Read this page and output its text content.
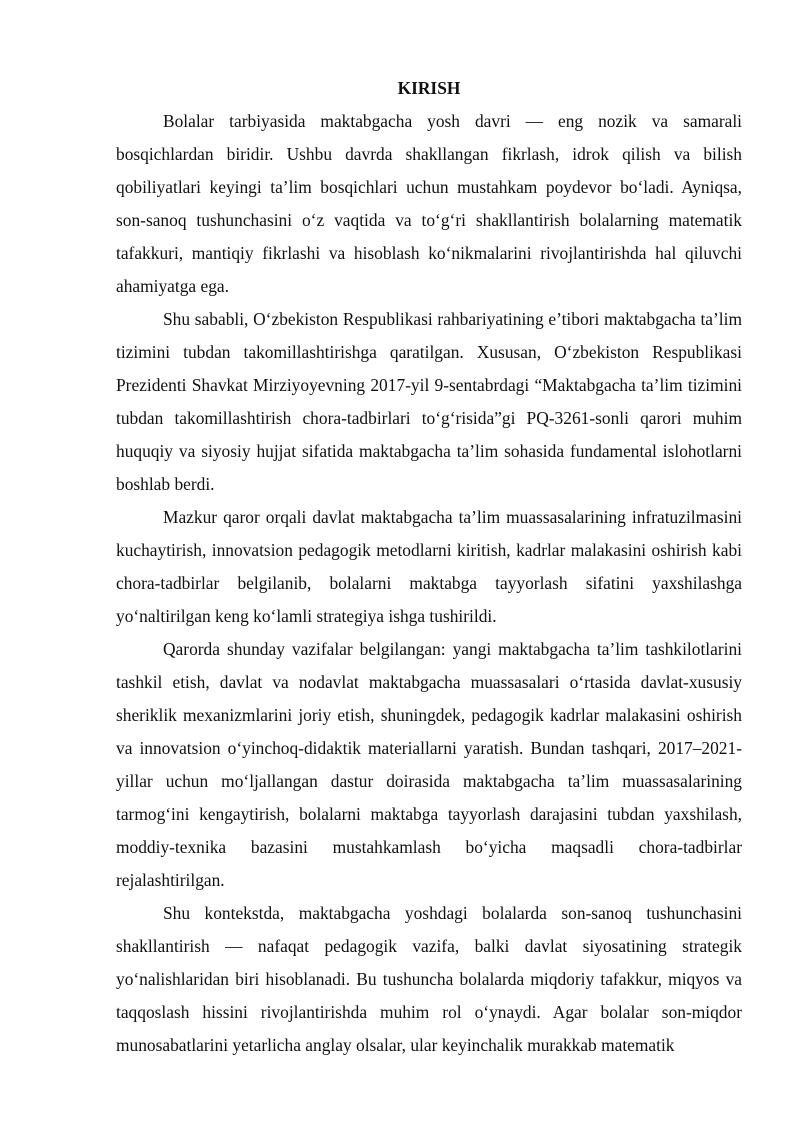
KIRISH

Bolalar tarbiyasida maktabgacha yosh davri — eng nozik va samarali bosqichlardan biridir. Ushbu davrda shakllangan fikrlash, idrok qilish va bilish qobiliyatlari keyingi ta’lim bosqichlari uchun mustahkam poydevor bo‘ladi. Ayniqsa, son-sanoq tushunchasini o‘z vaqtida va to‘g‘ri shakllantirish bolalarning matematik tafakkuri, mantiqiy fikrlashi va hisoblash ko‘nikmalarini rivojlantirishda hal qiluvchi ahamiyatga ega.

Shu sababli, O‘zbekiston Respublikasi rahbariyatining e’tibori maktabgacha ta’lim tizimini tubdan takomillashtirishga qaratilgan. Xususan, O‘zbekiston Respublikasi Prezidenti Shavkat Mirziyoyevning 2017-yil 9-sentabrdagi “Maktabgacha ta’lim tizimini tubdan takomillashtirish chora-tadbirlari to‘g‘risida”gi PQ-3261-sonli qarori muhim huquqiy va siyosiy hujjat sifatida maktabgacha ta’lim sohasida fundamental islohotlarni boshlab berdi.

Mazkur qaror orqali davlat maktabgacha ta’lim muassasalarining infratuzilmasini kuchaytirish, innovatsion pedagogik metodlarni kiritish, kadrlar malakasini oshirish kabi chora-tadbirlar belgilanib, bolalarni maktabga tayyorlash sifatini yaxshilashga yo‘naltirilgan keng ko‘lamli strategiya ishga tushirildi.

Qarorda shunday vazifalar belgilangan: yangi maktabgacha ta’lim tashkilotlarini tashkil etish, davlat va nodavlat maktabgacha muassasalari o‘rtasida davlat-xususiy sheriklik mexanizmlarini joriy etish, shuningdek, pedagogik kadrlar malakasini oshirish va innovatsion o‘yinchoq-didaktik materiallarni yaratish. Bundan tashqari, 2017–2021-yillar uchun mo‘ljallangan dastur doirasida maktabgacha ta’lim muassasalarining tarmog‘ini kengaytirish, bolalarni maktabga tayyorlash darajasini tubdan yaxshilash, moddiy-texnika bazasini mustahkamlash bo‘yicha maqsadli chora-tadbirlar rejalashtirilgan.

Shu kontekstda, maktabgacha yoshdagi bolalarda son-sanoq tushunchasini shakllantirish — nafaqat pedagogik vazifa, balki davlat siyosatining strategik yo‘nalishlaridan biri hisoblanadi. Bu tushuncha bolalarda miqdoriy tafakkur, miqyos va taqqoslash hissini rivojlantirishda muhim rol o‘ynaydi. Agar bolalar son-miqdor munosabatlarini yetarlicha anglay olsalar, ular keyinchalik murakkab matematik
